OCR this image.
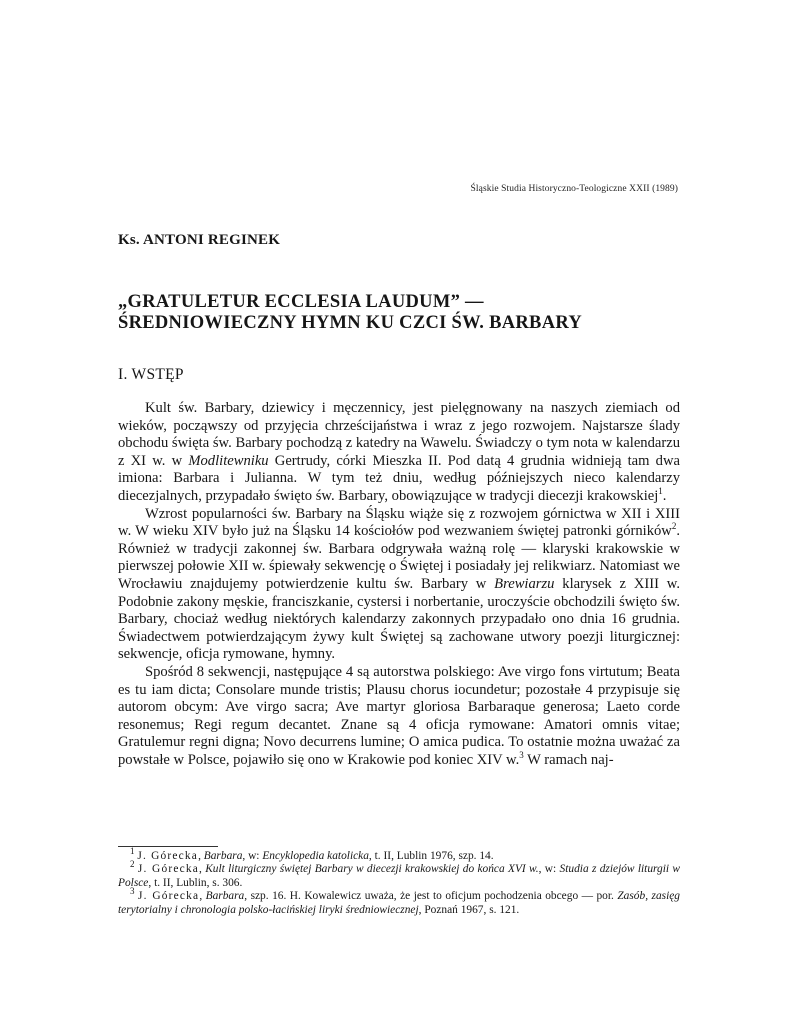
Śląskie Studia Historyczno-Teologiczne XXII (1989)
Ks. ANTONI REGINEK
„GRATULETUR ECCLESIA LAUDUM” —
ŚREDNIOWIECZNY HYMN KU CZCI ŚW. BARBARY
I. WSTĘP

Kult św. Barbary, dziewicy i męczennicy, jest pielęgnowany na naszych ziemiach od wieków, począwszy od przyjęcia chrześcijaństwa i wraz z jego rozwojem. Najstarsze ślady obchodu święta św. Barbary pochodzą z katedry na Wawelu. Świadczy o tym nota w kalendarzu z XI w. w Modlitewniku Gertrudy, córki Mieszka II. Pod datą 4 grudnia widnieją tam dwa imiona: Barbara i Julianna. W tym też dniu, według późniejszych nieco kalendarzy diecezjalnych, przypadało święto św. Barbary, obowiązujące w tradycji diecezji krakowskiej$^1$.

Wzrost popularności św. Barbary na Śląsku wiąże się z rozwojem górnictwa w XII i XIII w. W wieku XIV było już na Śląsku 14 kościołów pod wezwaniem świętej patronki górników$^2$. Również w tradycji zakonnej św. Barbara odgrywała ważną rolę — klaryski krakowskie w pierwszej połowie XII w. śpiewały sekwencję o Świętej i posiadały jej relikwiarz. Natomiast we Wrocławiu znajdujemy potwierdzenie kultu św. Barbary w Brewiarzu klarysek z XIII w. Podobnie zakony męskie, franciszkanie, cystersi i norbertanie, uroczyście obchodzili święto św. Barbary, chociaż według niektórych kalendarzy zakonnych przypadało ono dnia 16 grudnia. Świadectwem potwierdzającym żywy kult Świętej są zachowane utwory poezji liturgicznej: sekwencje, oficja rymowane, hymny.

Spośród 8 sekwencji, następujące 4 są autorstwa polskiego: Ave virgo fons virtutum; Beata es tu iam dicta; Consolare munde tristis; Plausu chorus iocundetur; pozostałe 4 przypisuje się autorom obcym: Ave virgo sacra; Ave martyr gloriosa Barbaraque generosa; Laeto corde resonemus; Regi regum decantet. Znane są 4 oficja rymowane: Amatori omnis vitae; Gratulemur regni digna; Novo decurrens lumine; O amica pudica. To ostatnie można uważać za powstałe w Polsce, pojawiło się ono w Krakowie pod koniec XIV w.$^3$ W ramach naj-

$^1$ J. Górecka, Barbara, w: Encyklopedia katolicka, t. II, Lublin 1976, szp. 14.

$^2$ J. Górecka, Kult liturgiczny świętej Barbary w diecezji krakowskiej do końca XVI w., w: Studia z dziejów liturgii w Polsce, t. II, Lublin, s. 306.

$^3$ J. Górecka, Barbara, szp. 16. H. Kowalewicz uważa, że jest to oficjum pochodzenia obcego — por. Zasób, zasięg terytorialny i chronologia polsko-łacińskiej liryki średniowiecznej, Poznań 1967, s. 121.
